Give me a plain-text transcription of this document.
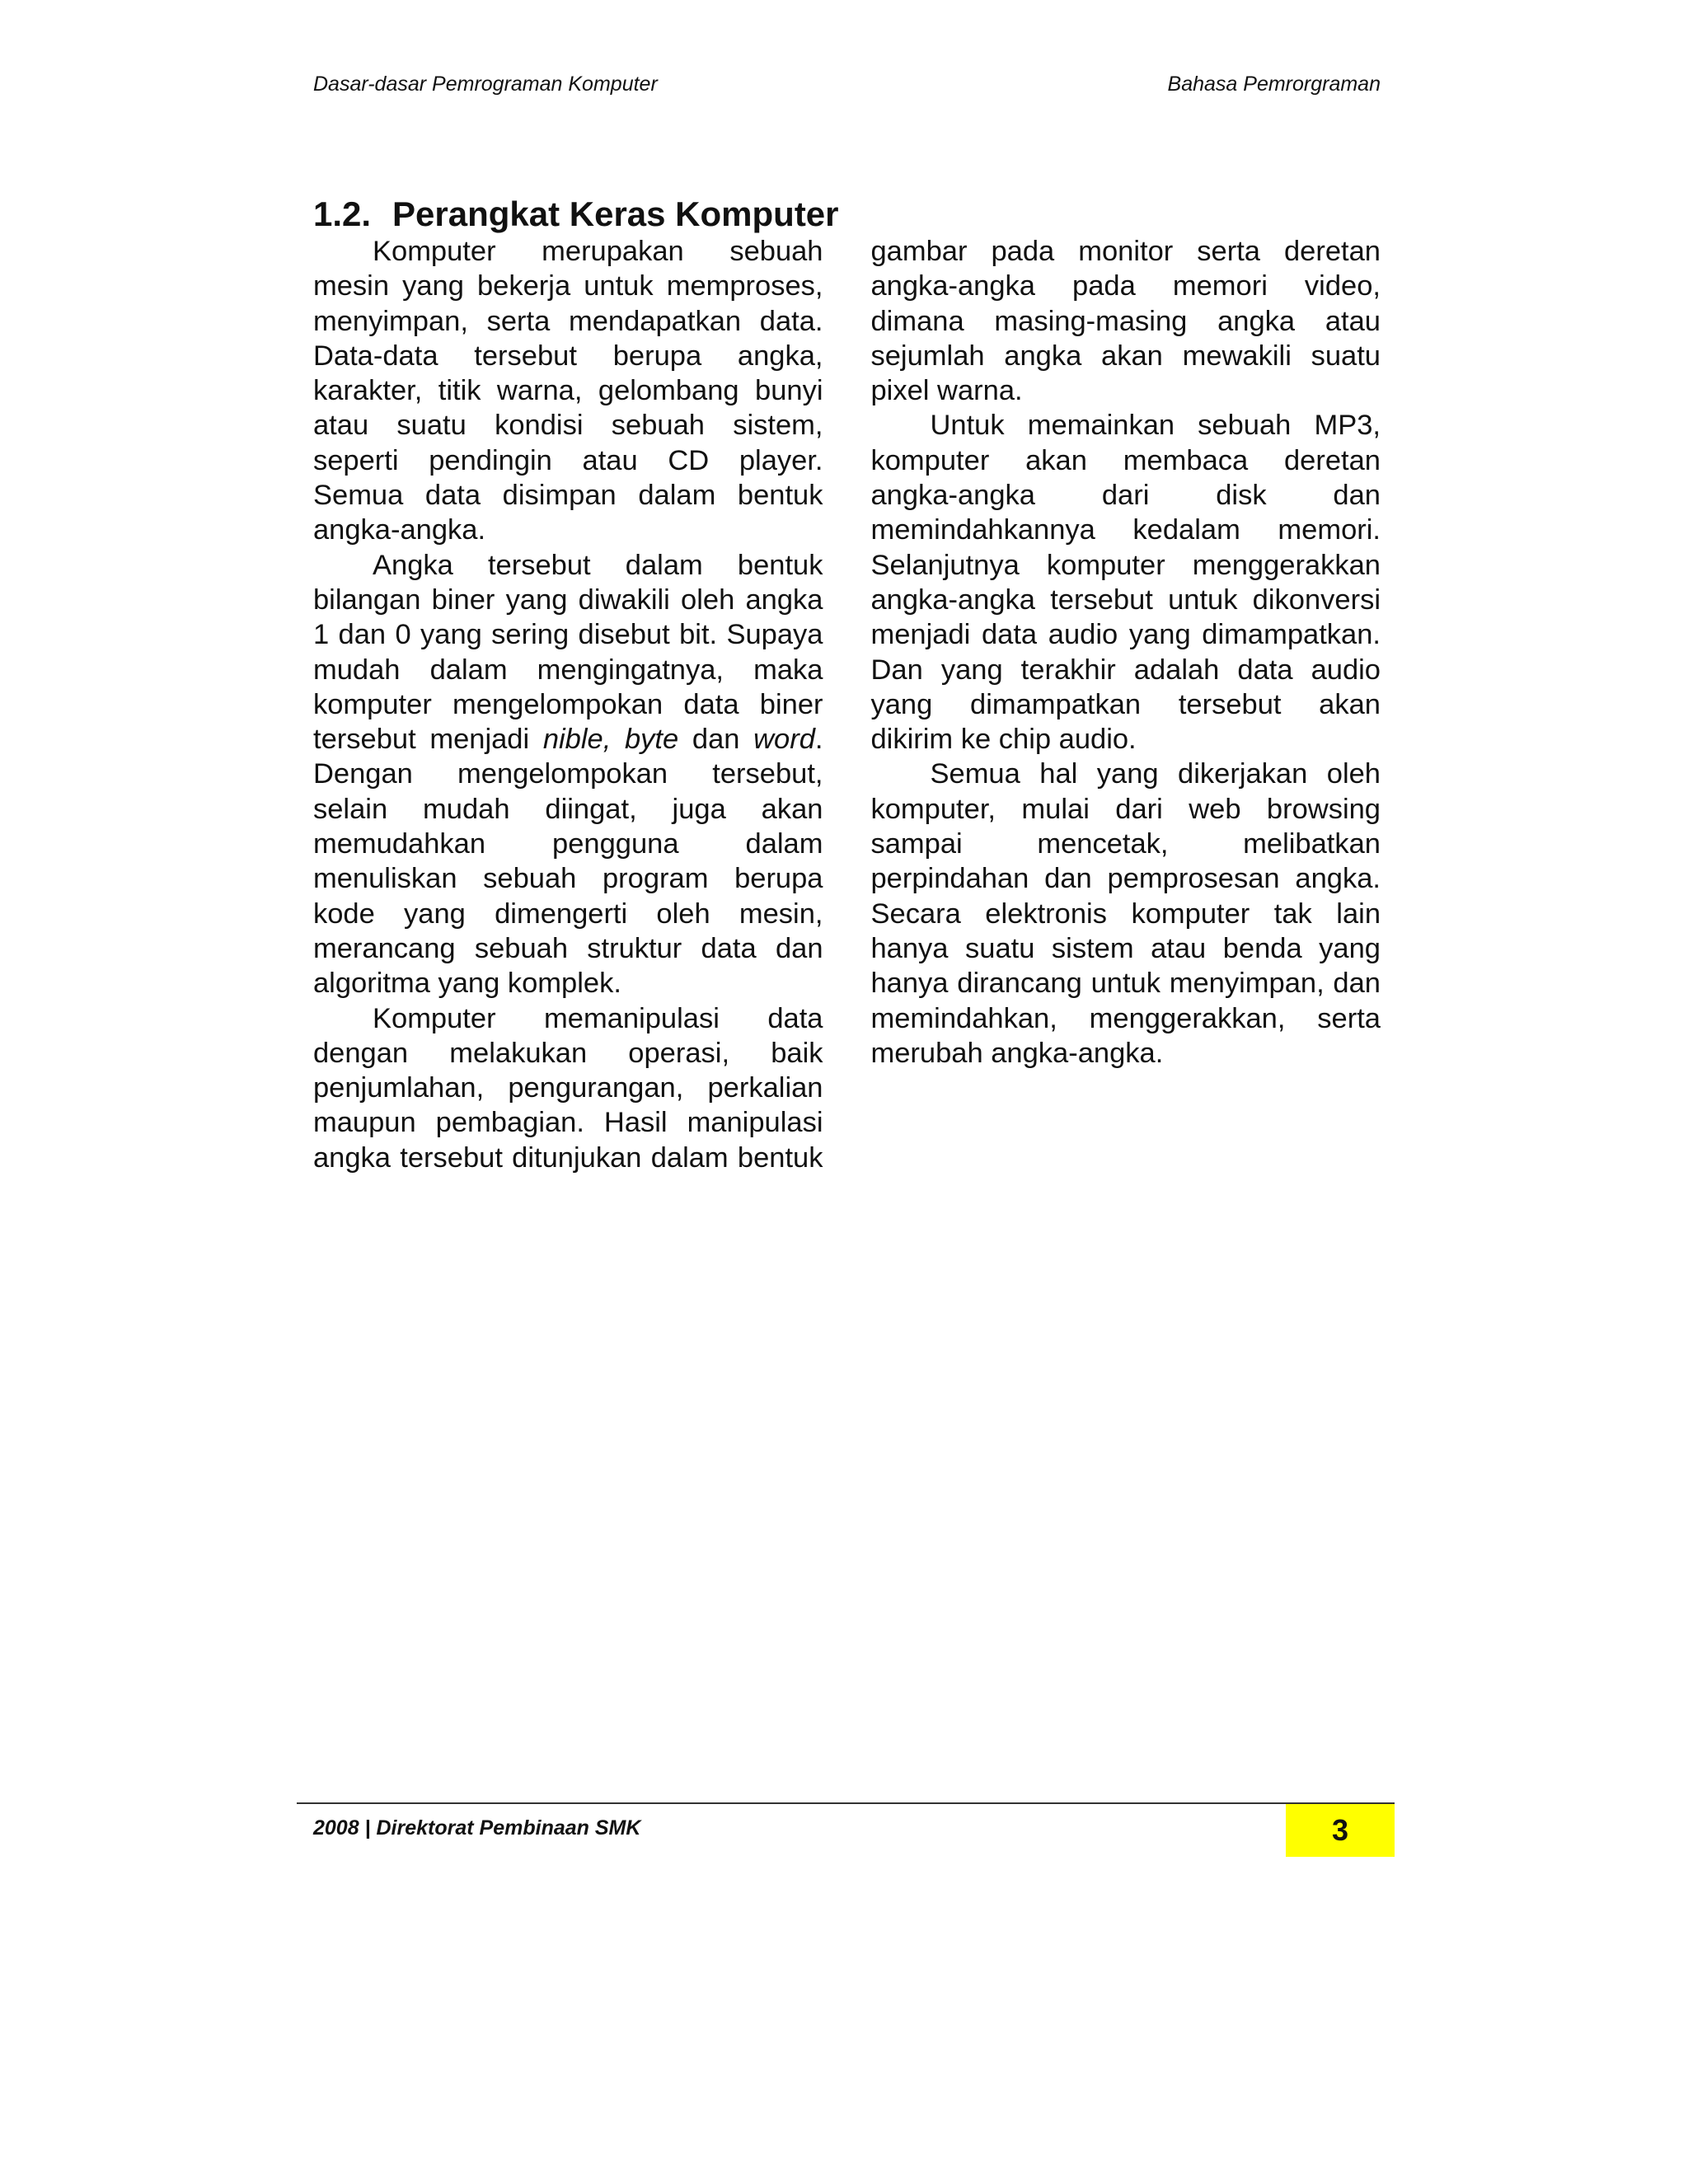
Dasar-dasar Pemrograman Komputer	Bahasa Pemrorgraman
1.2. Perangkat Keras Komputer

Komputer merupakan sebuah mesin yang bekerja untuk memproses, menyimpan, serta mendapatkan data. Data-data tersebut berupa angka, karakter, titik warna, gelombang bunyi atau suatu kondisi sebuah sistem, seperti pendingin atau CD player. Semua data disimpan dalam bentuk angka-angka.

Angka tersebut dalam bentuk bilangan biner yang diwakili oleh angka 1 dan 0 yang sering disebut bit. Supaya mudah dalam mengingatnya, maka komputer mengelompokan data biner tersebut menjadi nible, byte dan word. Dengan mengelompokan tersebut, selain mudah diingat, juga akan memudahkan pengguna dalam menuliskan sebuah program berupa kode yang dimengerti oleh mesin, merancang sebuah struktur data dan algoritma yang komplek.

Komputer memanipulasi data dengan melakukan operasi, baik penjumlahan, pengurangan, perkalian maupun pembagian. Hasil manipulasi angka tersebut ditunjukan dalam bentuk gambar pada monitor serta deretan angka-angka pada memori video, dimana masing-masing angka atau sejumlah angka akan mewakili suatu pixel warna.

Untuk memainkan sebuah MP3, komputer akan membaca deretan angka-angka dari disk dan memindahkannya kedalam memori. Selanjutnya komputer menggerakkan angka-angka tersebut untuk dikonversi menjadi data audio yang dimampatkan. Dan yang terakhir adalah data audio yang dimampatkan tersebut akan dikirim ke chip audio.

Semua hal yang dikerjakan oleh komputer, mulai dari web browsing sampai mencetak, melibatkan perpindahan dan pemprosesan angka. Secara elektronis komputer tak lain hanya suatu sistem atau benda yang hanya dirancang untuk menyimpan, dan memindahkan, menggerakkan, serta merubah angka-angka.

2008 | Direktorat Pembinaan SMK	3
